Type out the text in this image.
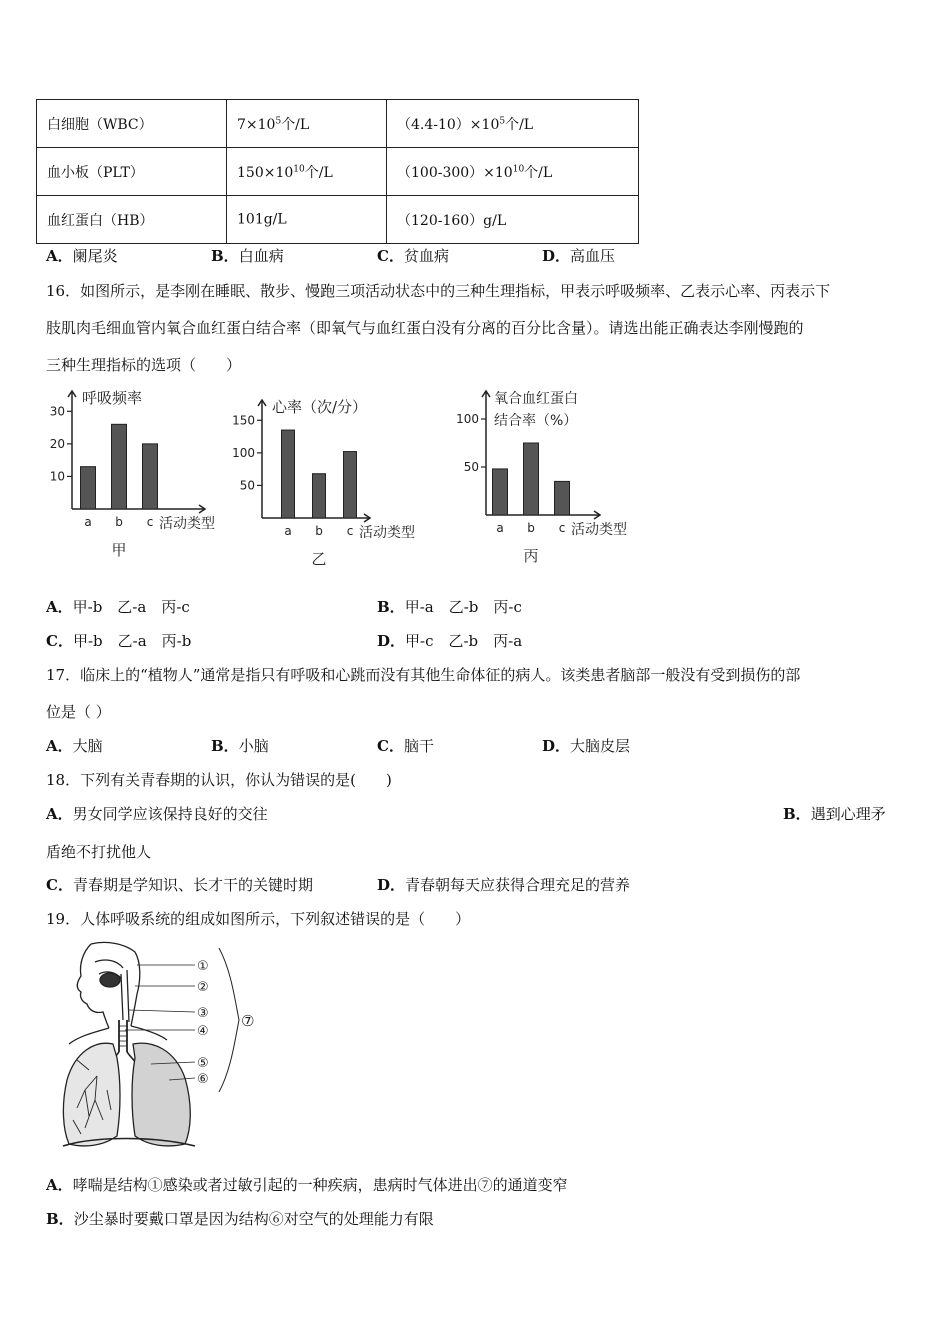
白细胞（WBC）	$7\times 10^5$个/L	$(4.4-10)\times 10^5$个/L
血小板（PLT）	$150\times 10^{10}$个/L	$(100-300)\times 10^{10}$个/L
血红蛋白（HB）	101g/L	（120-160）g/L
A．阑尾炎	B．白血病	C．贫血病	D．高血压
16．如图所示，是李刚在睡眠、散步、慢跑三项活动状态中的三种生理指标，甲表示呼吸频率、乙表示心率、丙表示下
肢肌肉毛细血管内氧合血红蛋白结合率（即氧气与血红蛋白没有分离的百分比含量）。请选出能正确表达李刚慢跑的
三种生理指标的选项（　　）
10
20
30
a b c 活动类型
呼吸频率
甲
50
100
150
a b c 活动类型
心率（次/分）
乙
50
100
a b c 活动类型
氧合血红蛋白
结合率（%）
丙
A．甲-b　乙-a　丙-c	B．甲-a　乙-b　丙-c
C．甲-b　乙-a　丙-b	D．甲-c　乙-b　丙-a
17．临床上的“植物人”通常是指只有呼吸和心跳而没有其他生命体征的病人。该类患者脑部一般没有受到损伤的部
位是（ ）
A．大脑	B．小脑	C．脑干	D．大脑皮层
18．下列有关青春期的认识，你认为错误的是(　　)
A．男女同学应该保持良好的交往	B．遇到心理矛
盾绝不打扰他人
C．青春期是学知识、长才干的关键时期	D．青春朝每天应获得合理充足的营养
19．人体呼吸系统的组成如图所示，下列叙述错误的是（　　）
①
②
③
④
⑤
⑥
⑦
A．哮喘是结构①感染或者过敏引起的一种疾病，患病时气体进出⑦的通道变窄
B．沙尘暴时要戴口罩是因为结构⑥对空气的处理能力有限
